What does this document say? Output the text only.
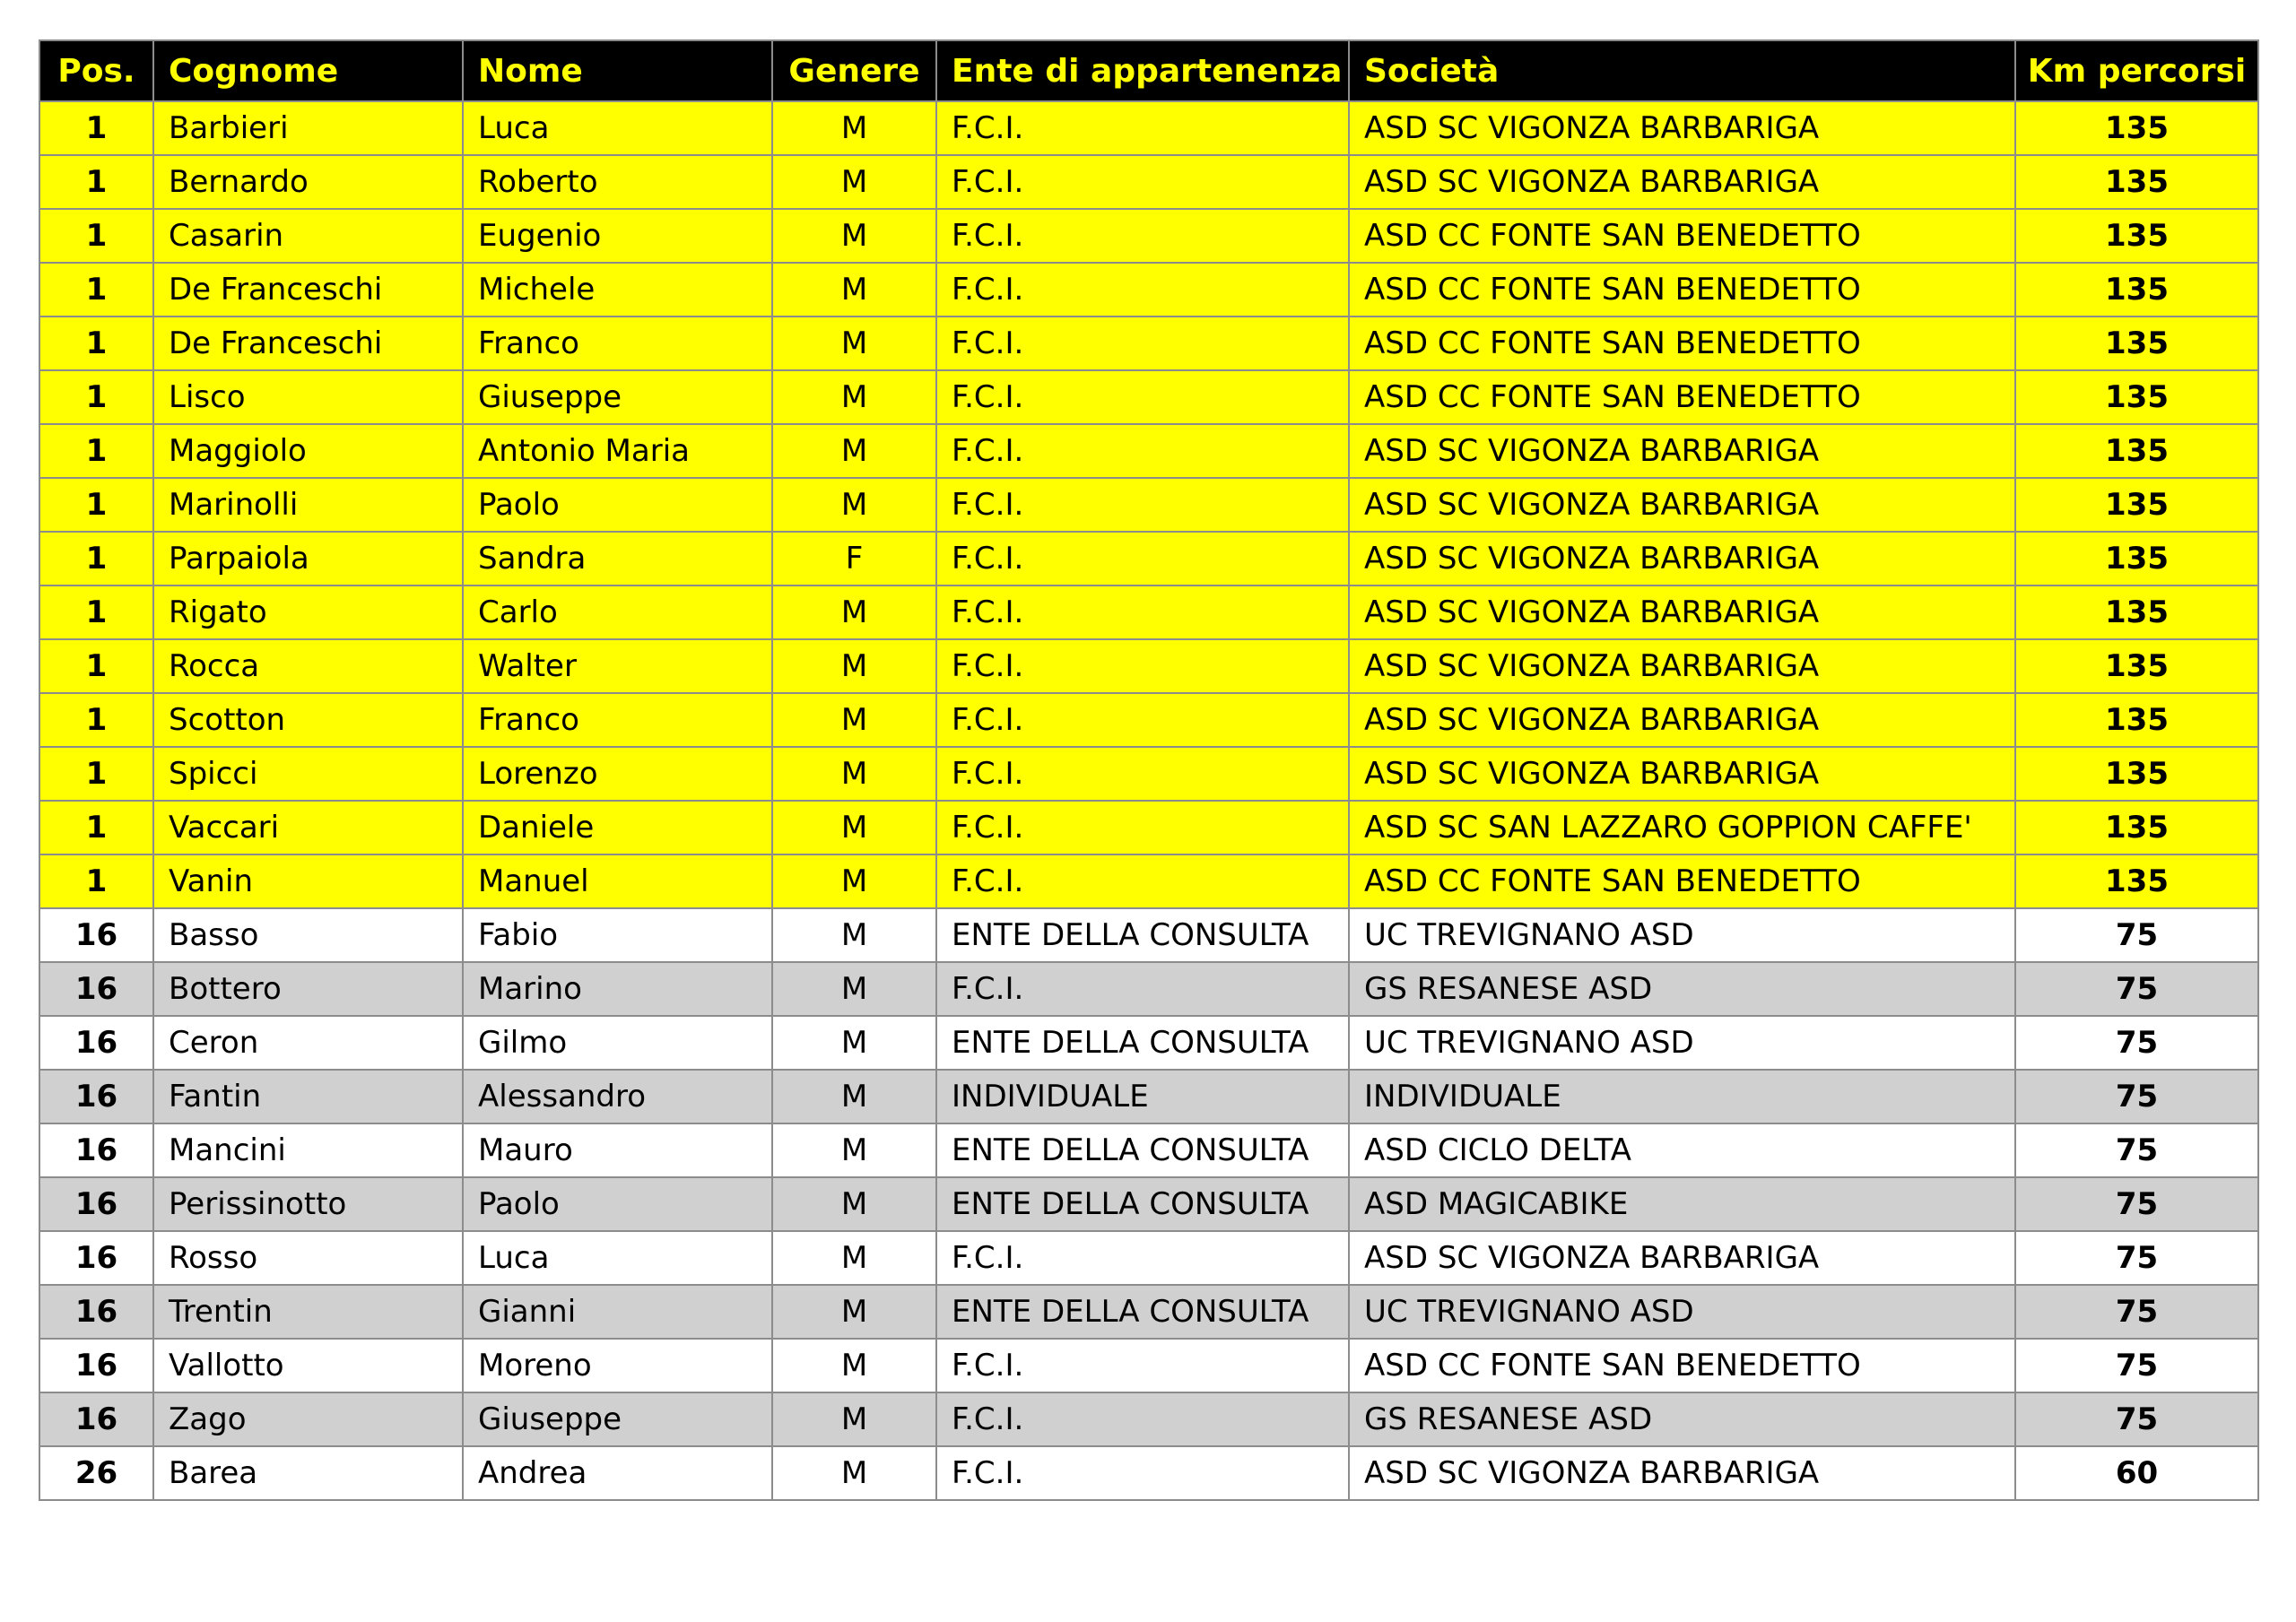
Pos.	Cognome	Nome	Genere	Ente di appartenenza	Società	Km percorsi
1	Barbieri	Luca	M	F.C.I.	ASD SC VIGONZA BARBARIGA	135
1	Bernardo	Roberto	M	F.C.I.	ASD SC VIGONZA BARBARIGA	135
1	Casarin	Eugenio	M	F.C.I.	ASD CC FONTE SAN BENEDETTO	135
1	De Franceschi	Michele	M	F.C.I.	ASD CC FONTE SAN BENEDETTO	135
1	De Franceschi	Franco	M	F.C.I.	ASD CC FONTE SAN BENEDETTO	135
1	Lisco	Giuseppe	M	F.C.I.	ASD CC FONTE SAN BENEDETTO	135
1	Maggiolo	Antonio Maria	M	F.C.I.	ASD SC VIGONZA BARBARIGA	135
1	Marinolli	Paolo	M	F.C.I.	ASD SC VIGONZA BARBARIGA	135
1	Parpaiola	Sandra	F	F.C.I.	ASD SC VIGONZA BARBARIGA	135
1	Rigato	Carlo	M	F.C.I.	ASD SC VIGONZA BARBARIGA	135
1	Rocca	Walter	M	F.C.I.	ASD SC VIGONZA BARBARIGA	135
1	Scotton	Franco	M	F.C.I.	ASD SC VIGONZA BARBARIGA	135
1	Spicci	Lorenzo	M	F.C.I.	ASD SC VIGONZA BARBARIGA	135
1	Vaccari	Daniele	M	F.C.I.	ASD SC SAN LAZZARO GOPPION CAFFE'	135
1	Vanin	Manuel	M	F.C.I.	ASD CC FONTE SAN BENEDETTO	135
16	Basso	Fabio	M	ENTE DELLA CONSULTA	UC TREVIGNANO ASD	75
16	Bottero	Marino	M	F.C.I.	GS RESANESE ASD	75
16	Ceron	Gilmo	M	ENTE DELLA CONSULTA	UC TREVIGNANO ASD	75
16	Fantin	Alessandro	M	INDIVIDUALE	INDIVIDUALE	75
16	Mancini	Mauro	M	ENTE DELLA CONSULTA	ASD CICLO DELTA	75
16	Perissinotto	Paolo	M	ENTE DELLA CONSULTA	ASD MAGICABIKE	75
16	Rosso	Luca	M	F.C.I.	ASD SC VIGONZA BARBARIGA	75
16	Trentin	Gianni	M	ENTE DELLA CONSULTA	UC TREVIGNANO ASD	75
16	Vallotto	Moreno	M	F.C.I.	ASD CC FONTE SAN BENEDETTO	75
16	Zago	Giuseppe	M	F.C.I.	GS RESANESE ASD	75
26	Barea	Andrea	M	F.C.I.	ASD SC VIGONZA BARBARIGA	60
